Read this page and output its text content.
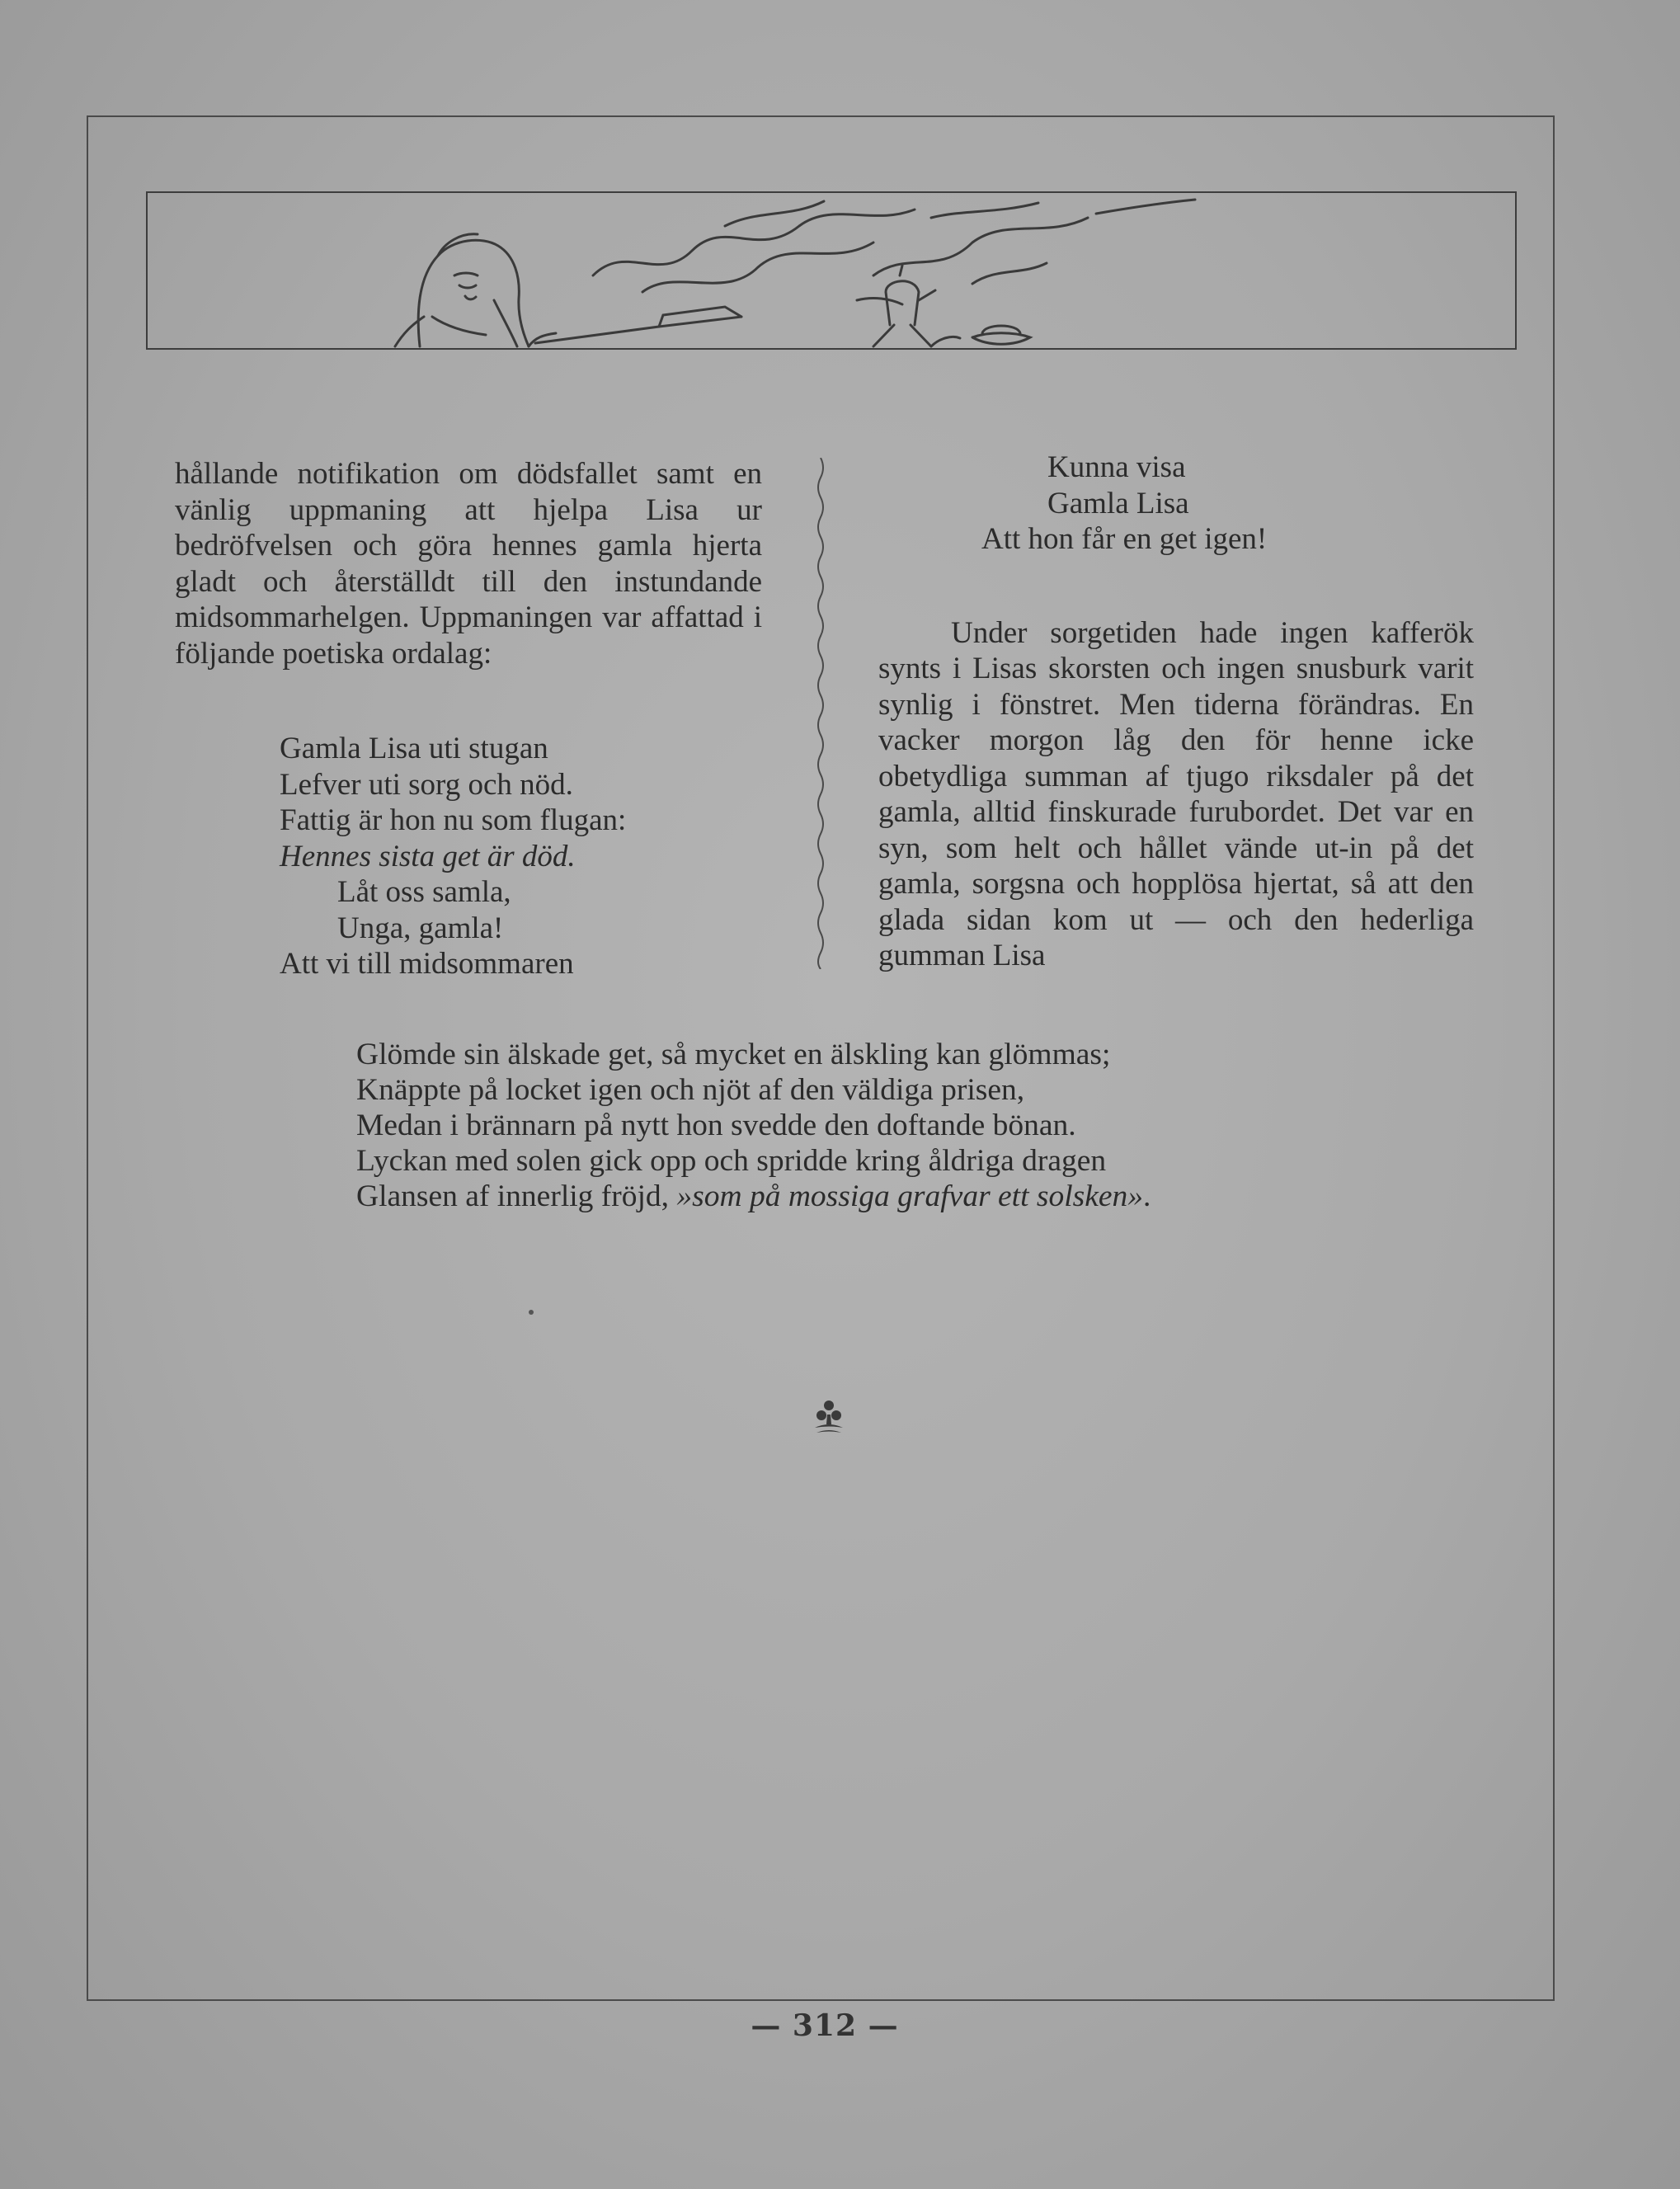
hållande notifikation om dödsfallet samt en vänlig uppmaning att hjelpa Lisa ur bedröfvelsen och göra hennes gamla hjerta gladt och återställdt till den instundande midsommarhelgen. Uppmaningen var affattad i följande poetiska ordalag:

Gamla Lisa uti stugan
Lefver uti sorg och nöd.
Fattig är hon nu som flugan:
Hennes sista get är död.
Låt oss samla,
Unga, gamla!
Att vi till midsommaren
Kunna visa
Gamla Lisa
Att hon får en get igen!

Under sorgetiden hade ingen kafferök synts i Lisas skorsten och ingen snusburk varit synlig i fönstret. Men tiderna förändras. En vacker morgon låg den för henne icke obetydliga summan af tjugo riksdaler på det gamla, alltid finskurade furubordet. Det var en syn, som helt och hållet vände ut-in på det gamla, sorgsna och hopplösa hjertat, så att den glada sidan kom ut — och den hederliga gumman Lisa

Glömde sin älskade get, så mycket en älskling kan glömmas;
Knäppte på locket igen och njöt af den väldiga prisen,
Medan i brännarn på nytt hon svedde den doftande bönan.
Lyckan med solen gick opp och spridde kring åldriga dragen
Glansen af innerlig fröjd, »som på mossiga grafvar ett solsken».
— 312 —
